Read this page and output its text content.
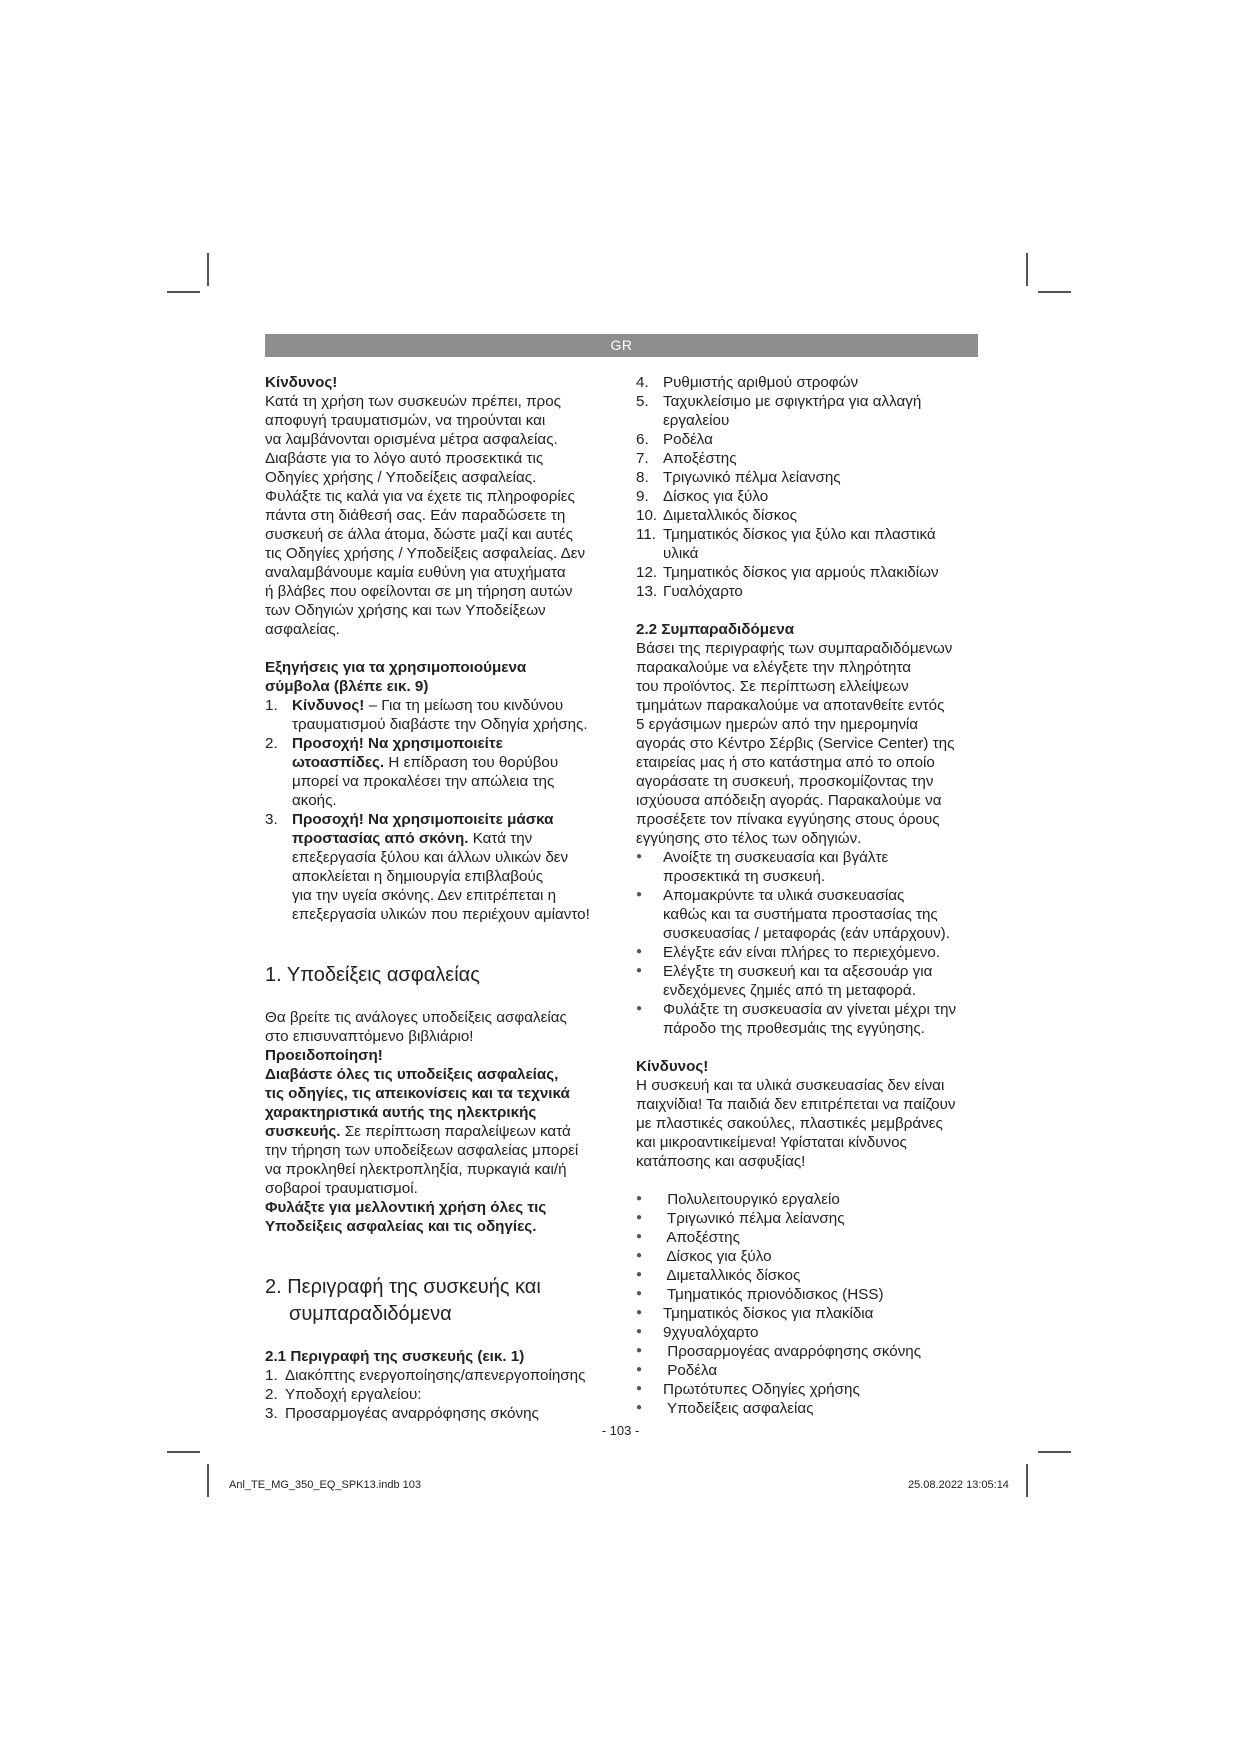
GR

Κίνδυνος!

Κατά τη χρήση των συσκευών πρέπει, προς
αποφυγή τραυματισμών, να τηρούνται και
να λαμβάνονται ορισμένα μέτρα ασφαλείας.
Διαβάστε για το λόγο αυτό προσεκτικά τις
Οδηγίες χρήσης / Υποδείξεις ασφαλείας.
Φυλάξτε τις καλά για να έχετε τις πληροφορίες
πάντα στη διάθεσή σας. Εάν παραδώσετε τη
συσκευή σε άλλα άτομα, δώστε μαζί και αυτές
τις Οδηγίες χρήσης / Υποδείξεις ασφαλείας. Δεν
αναλαμβάνουμε καμία ευθύνη για ατυχήματα
ή βλάβες που οφείλονται σε μη τήρηση αυτών
των Οδηγιών χρήσης και των Υποδείξεων
ασφαλείας.
Εξηγήσεις για τα χρησιμοποιούμενα
σύμβολα (βλέπε εικ. 9)
1. Κίνδυνος! – Για τη μείωση του κινδύνου
τραυματισμού διαβάστε την Οδηγία χρήσης.
2. Προσοχή! Να χρησιμοποιείτε
ωτοασπίδες. Η επίδραση του θορύβου
μπορεί να προκαλέσει την απώλεια της
ακοής.
3. Προσοχή! Να χρησιμοποιείτε μάσκα
προστασίας από σκόνη. Κατά την
επεξεργασία ξύλου και άλλων υλικών δεν
αποκλείεται η δημιουργία επιβλαβούς
για την υγεία σκόνης. Δεν επιτρέπεται η
επεξεργασία υλικών που περιέχουν αμίαντο!
1. Υποδείξεις ασφαλείας
Θα βρείτε τις ανάλογες υποδείξεις ασφαλείας
στο επισυναπτόμενο βιβλιάριο!

Προειδοποίηση!

Διαβάστε όλες τις υποδείξεις ασφαλείας,
τις οδηγίες, τις απεικονίσεις και τα τεχνικά
χαρακτηριστικά αυτής της ηλεκτρικής
συσκευής. Σε περίπτωση παραλείψεων κατά
την τήρηση των υποδείξεων ασφαλείας μπορεί
να προκληθεί ηλεκτροπληξία, πυρκαγιά και/ή
σοβαροί τραυματισμοί.
Φυλάξτε για μελλοντική χρήση όλες τις
Υποδείξεις ασφαλείας και τις οδηγίες.
2. Περιγραφή της συσκευής και
συμπαραδιδόμενα

2.1 Περιγραφή της συσκευής (εικ. 1)

1. Διακόπτης ενεργοποίησης/απενεργοποίησης
2. Υποδοχή εργαλείου:
3. Προσαρμογέας αναρρόφησης σκόνης
4. Ρυθμιστής αριθμού στροφών
5. Ταχυκλείσιμο με σφιγκτήρα για αλλαγή
εργαλείου
6. Ροδέλα
7. Αποξέστης
8. Τριγωνικό πέλμα λείανσης
9. Δίσκος για ξύλο
10. Διμεταλλικός δίσκος
11. Τμηματικός δίσκος για ξύλο και πλαστικά
υλικά
12. Τμηματικός δίσκος για αρμούς πλακιδίων
13. Γυαλόχαρτο

2.2 Συμπαραδιδόμενα

Βάσει της περιγραφής των συμπαραδιδόμενων
παρακαλούμε να ελέγξετε την πληρότητα
του προϊόντος. Σε περίπτωση ελλείψεων
τμημάτων παρακαλούμε να αποτανθείτε εντός
5 εργάσιμων ημερών από την ημερομηνία
αγοράς στο Κέντρο Σέρβις (Service Center) της
εταιρείας μας ή στο κατάστημα από το οποίο
αγοράσατε τη συσκευή, προσκομίζοντας την
ισχύουσα απόδειξη αγοράς. Παρακαλούμε να
προσέξετε τον πίνακα εγγύησης στους όρους
εγγύησης στο τέλος των οδηγιών.
●	Ανοίξτε τη συσκευασία και βγάλτε
προσεκτικά τη συσκευή.
●	Απομακρύντε τα υλικά συσκευασίας
καθώς και τα συστήματα προστασίας της
συσκευασίας / μεταφοράς (εάν υπάρχουν).
●	Ελέγξτε εάν είναι πλήρες το περιεχόμενο.
●	Ελέγξτε τη συσκευή και τα αξεσουάρ για
ενδεχόμενες ζημιές από τη μεταφορά.
●	Φυλάξτε τη συσκευασία αν γίνεται μέχρι την
πάροδο της προθεσμάις της εγγύησης.

Κίνδυνος!

Η συσκευή και τα υλικά συσκευασίας δεν είναι
παιχνίδια! Τα παιδιά δεν επιτρέπεται να παίζουν
με πλαστικές σακούλες, πλαστικές μεμβράνες
και μικροαντικείμενα! Υφίσταται κίνδυνος
κατάποσης και ασφυξίας!
●	Πολυλειτουργικό εργαλείο
●	Τριγωνικό πέλμα λείανσης
●	Αποξέστης
●	Δίσκος για ξύλο
●	Διμεταλλικός δίσκος
●	Τμηματικός πριονόδισκος (HSS)
●	Τμηματικός δίσκος για πλακίδια
●	9χγυαλόχαρτο
●	Προσαρμογέας αναρρόφησης σκόνης
●	Ροδέλα
●	Πρωτότυπες Οδηγίες χρήσης
●	Υποδείξεις ασφαλείας
- 103 -
Anl_TE_MG_350_EQ_SPK13.indb 103	25.08.2022 13:05:14
